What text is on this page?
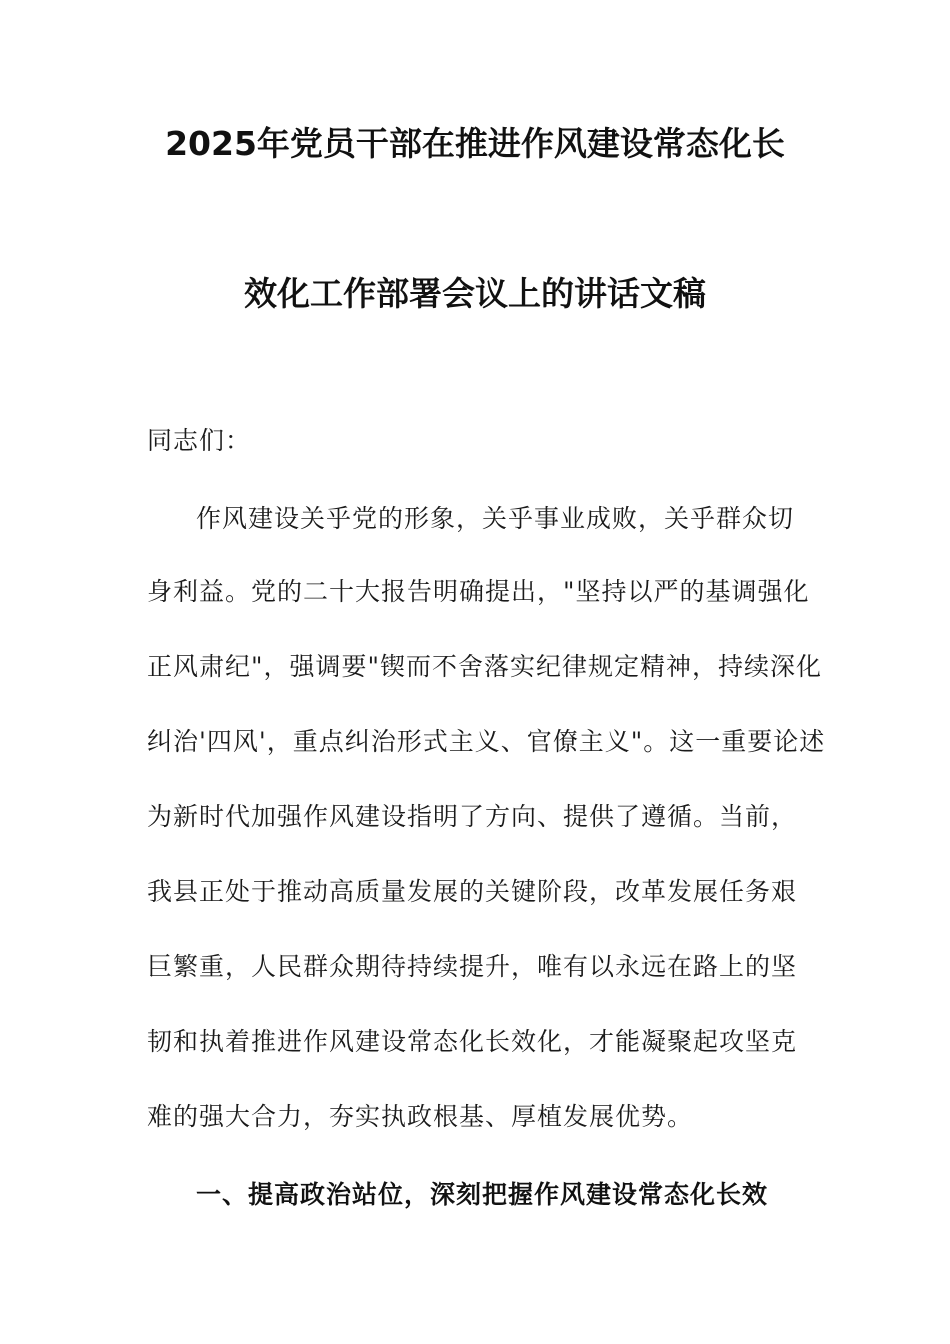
2025年党员干部在推进作风建设常态化长
效化工作部署会议上的讲话文稿
同志们：
作风建设关乎党的形象，关乎事业成败，关乎群众切
身利益。党的二十大报告明确提出，"坚持以严的基调强化
正风肃纪"，强调要"锲而不舍落实纪律规定精神，持续深化
纠治'四风'，重点纠治形式主义、官僚主义"。这一重要论述
为新时代加强作风建设指明了方向、提供了遵循。当前，
我县正处于推动高质量发展的关键阶段，改革发展任务艰
巨繁重，人民群众期待持续提升，唯有以永远在路上的坚
韧和执着推进作风建设常态化长效化，才能凝聚起攻坚克
难的强大合力，夯实执政根基、厚植发展优势。
一、提高政治站位，深刻把握作风建设常态化长效
